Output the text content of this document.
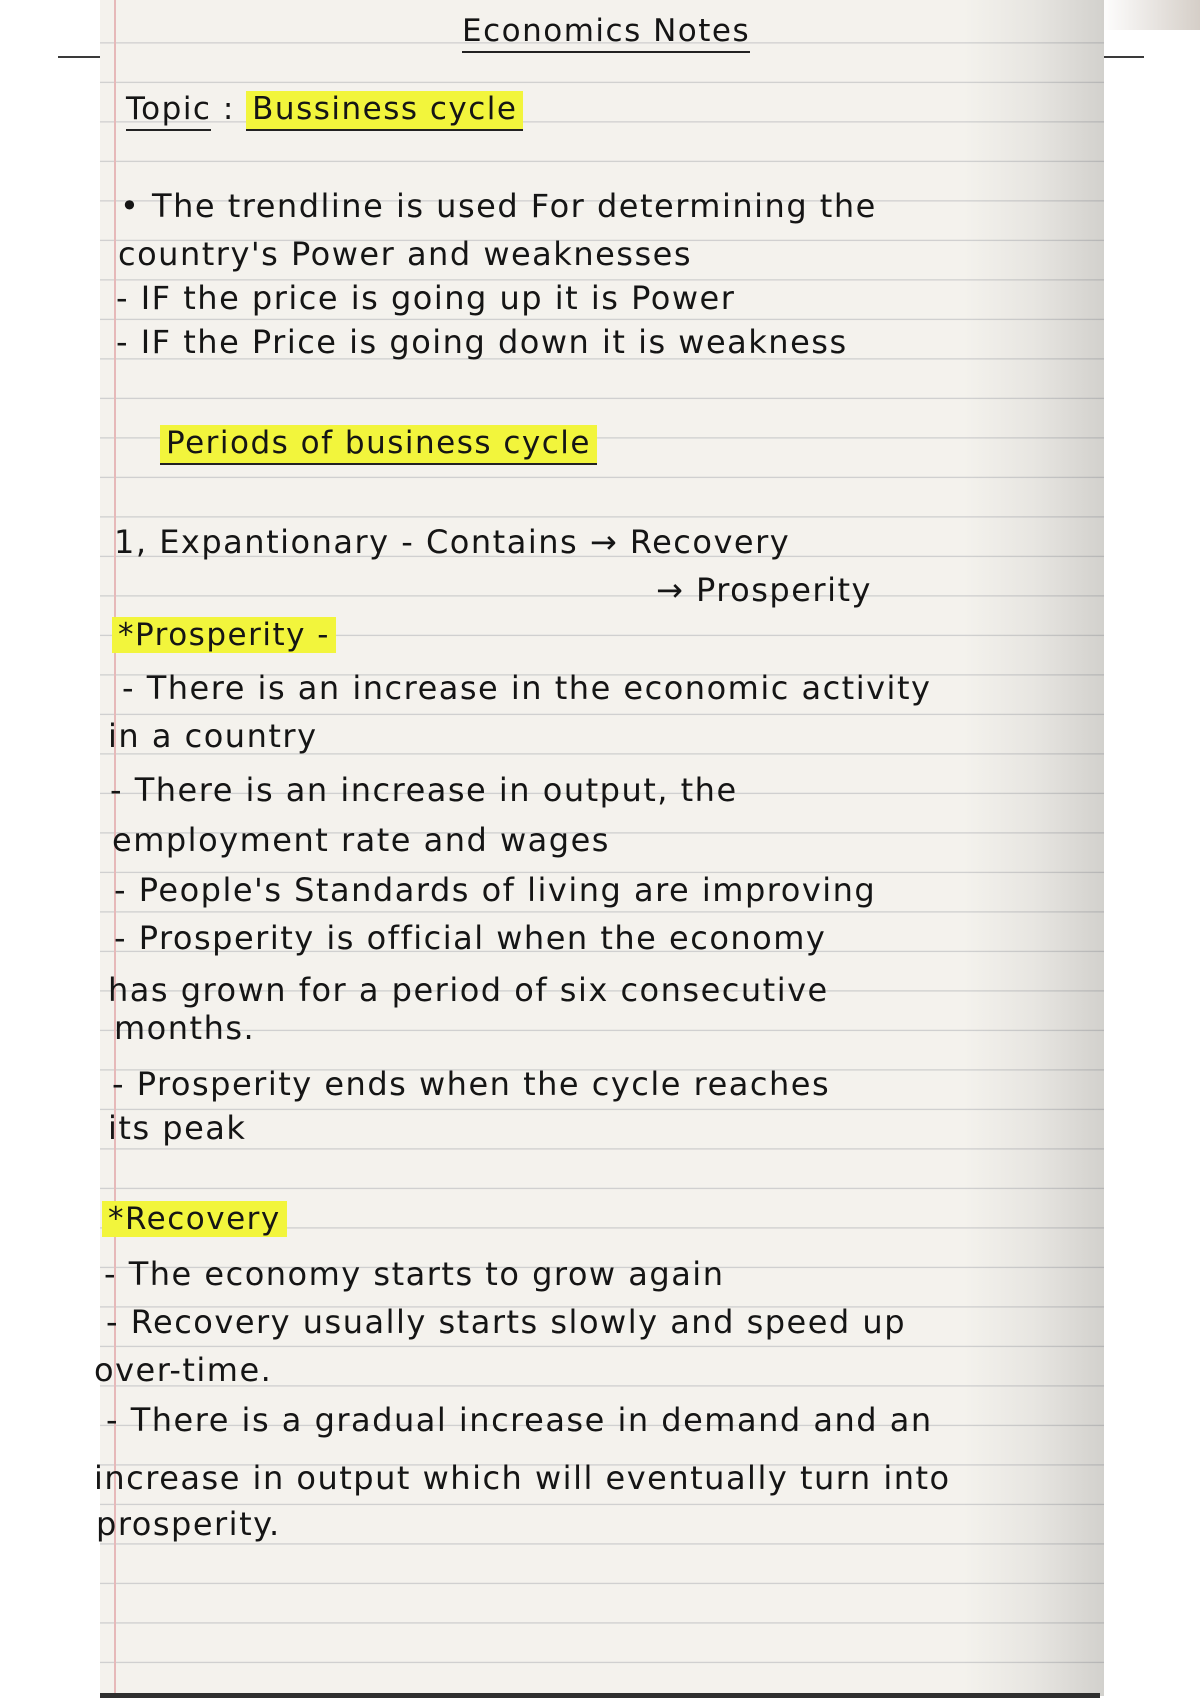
Economics Notes
Topic : Bussiness cycle
• The trendline is used For determining the
country's Power and weaknesses
- IF the price is going up it is Power
- IF the Price is going down it is weakness
Periods of business cycle
1, Expantionary - Contains → Recovery
→ Prosperity
*Prosperity -
- There is an increase in the economic activity
in a country
- There is an increase in output, the
employment rate and wages
- People's Standards of living are improving
- Prosperity is official when the economy
has grown for a period of six consecutive
months.
- Prosperity ends when the cycle reaches
its peak
*Recovery
- The economy starts to grow again
- Recovery usually starts slowly and speed up
over-time.
- There is a gradual increase in demand and an
increase in output which will eventually turn into
prosperity.
